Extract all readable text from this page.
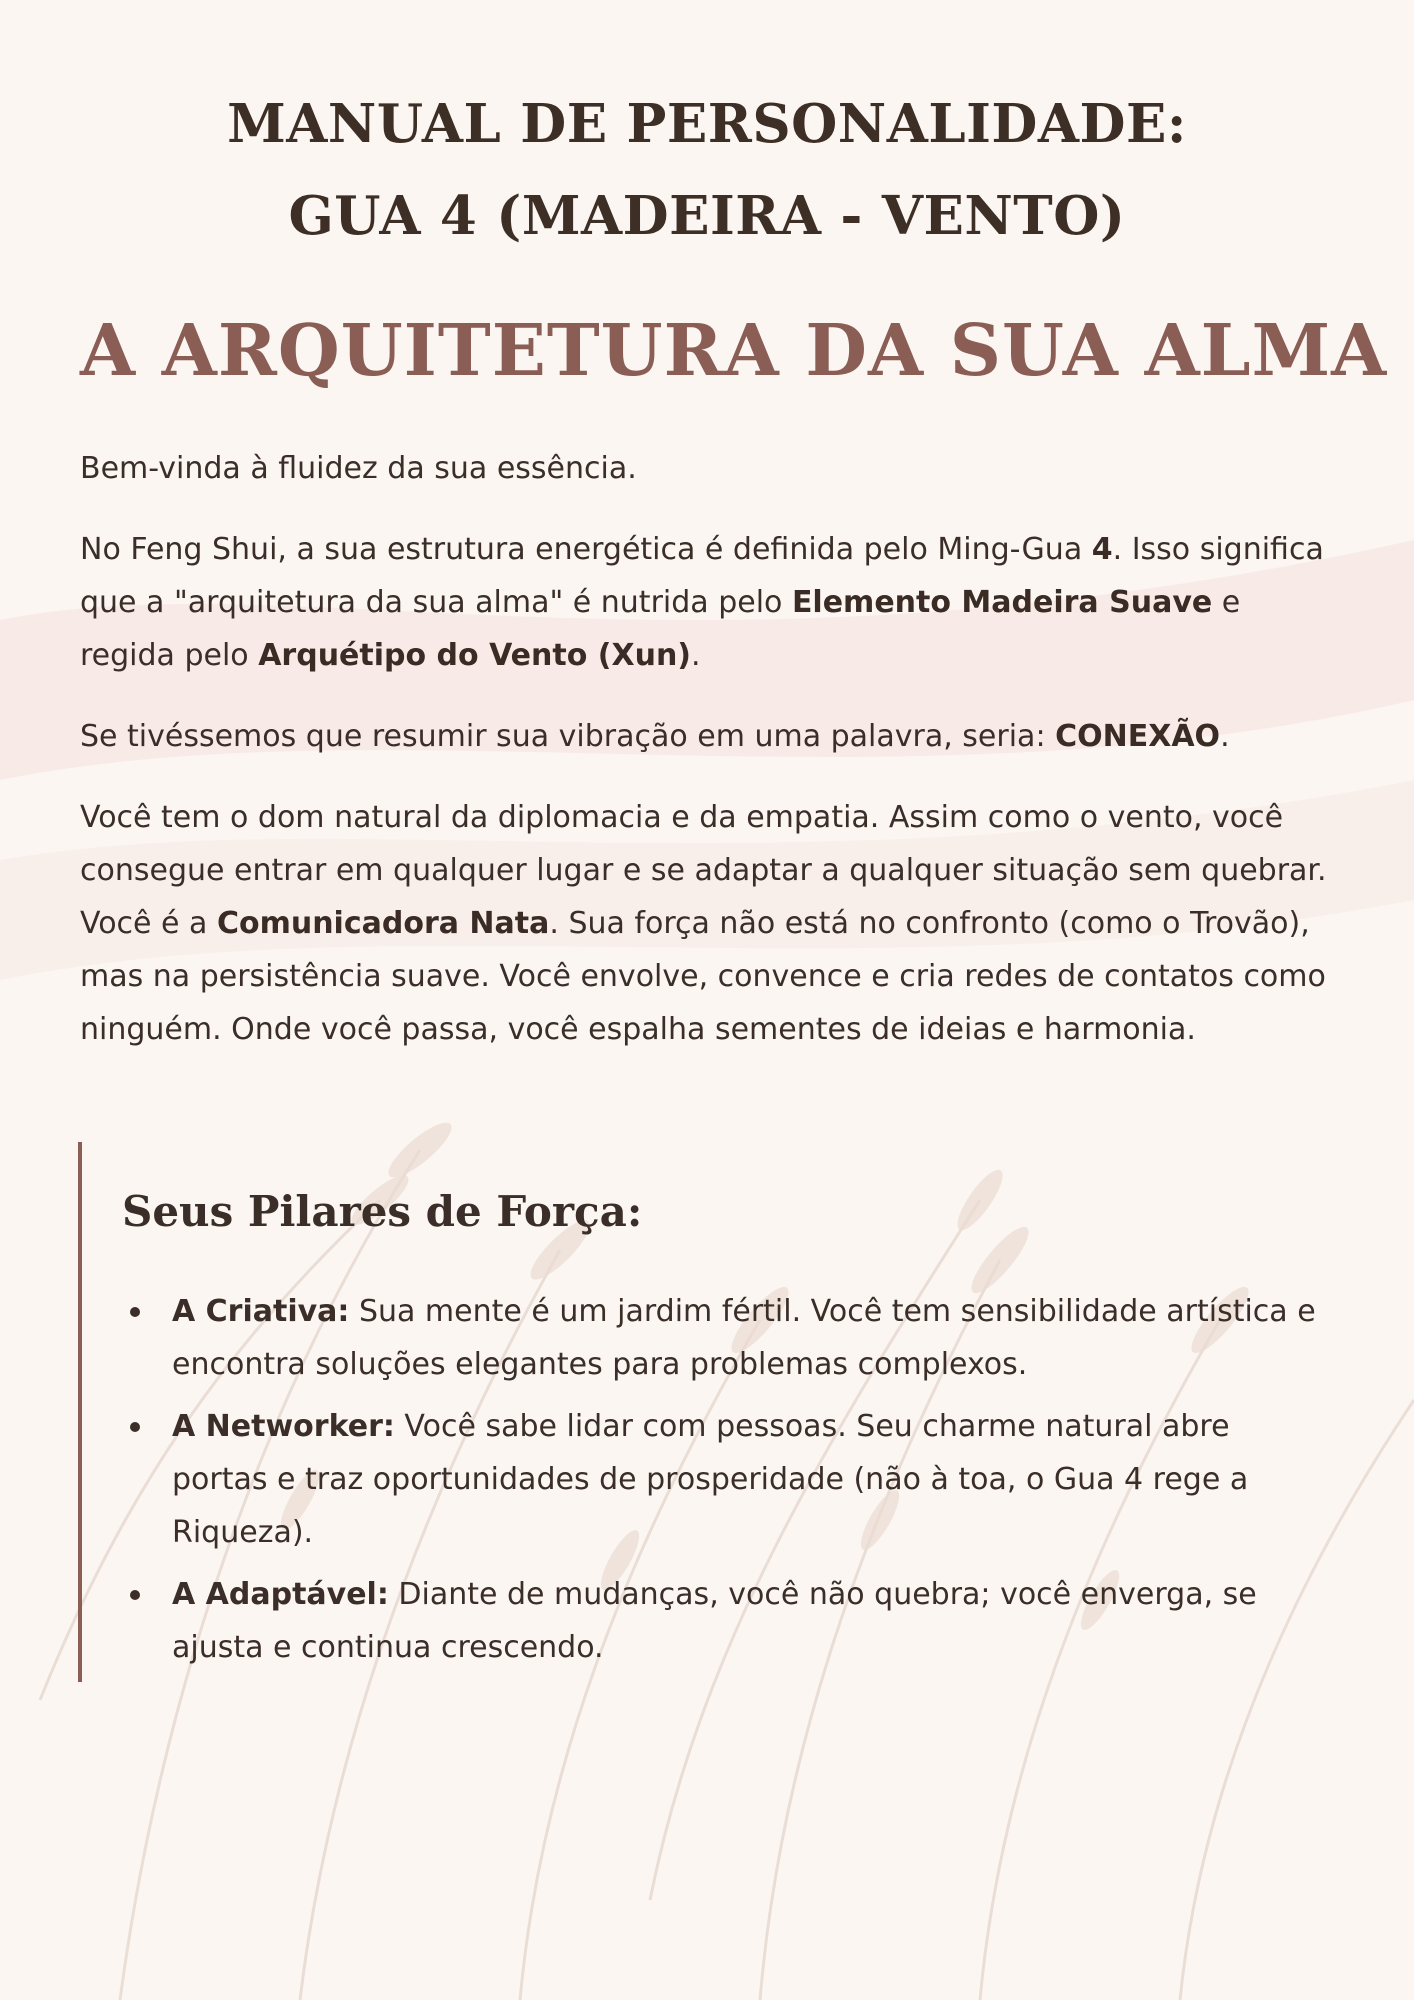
MANUAL DE PERSONALIDADE:
GUA 4 (MADEIRA - VENTO)
A ARQUITETURA DA SUA ALMA

Bem-vinda à fluidez da sua essência.

No Feng Shui, a sua estrutura energética é definida pelo Ming-Gua 4. Isso significa que a "arquitetura da sua alma" é nutrida pelo Elemento Madeira Suave e regida pelo Arquétipo do Vento (Xun).

Se tivéssemos que resumir sua vibração em uma palavra, seria: CONEXÃO.

Você tem o dom natural da diplomacia e da empatia. Assim como o vento, você consegue entrar em qualquer lugar e se adaptar a qualquer situação sem quebrar. Você é a Comunicadora Nata. Sua força não está no confronto (como o Trovão), mas na persistência suave. Você envolve, convence e cria redes de contatos como ninguém. Onde você passa, você espalha sementes de ideias e harmonia.

Seus Pilares de Força:
A Criativa: Sua mente é um jardim fértil. Você tem sensibilidade artística e encontra soluções elegantes para problemas complexos.
A Networker: Você sabe lidar com pessoas. Seu charme natural abre portas e traz oportunidades de prosperidade (não à toa, o Gua 4 rege a Riqueza).
A Adaptável: Diante de mudanças, você não quebra; você enverga, se ajusta e continua crescendo.
